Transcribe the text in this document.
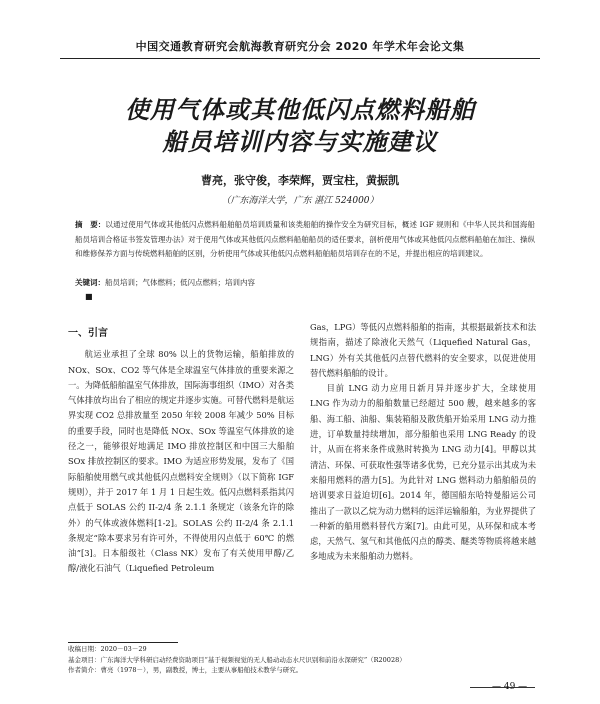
中国交通教育研究会航海教育研究分会 2020 年学术年会论文集
使用气体或其他低闪点燃料船舶
船员培训内容与实施建议
曹亮，张守俊，李荣辉，贾宝柱，黄振凯
（广东海洋大学，广东 湛江 524000）
摘　要：以通过使用气体或其他低闪点燃料船舶船员培训质量和该类船舶的操作安全为研究目标，概述 IGF 规则和《中华人民共和国海船船员培训合格证书签发管理办法》对于使用气体或其他低闪点燃料船舶船员的适任要求，剖析使用气体或其他低闪点燃料船舶在加注、操纵和维修保养方面与传统燃料船舶的区别，分析使用气体或其他低闪点燃料船舶船员培训存在的不足，并提出相应的培训建议。
关键词：船员培训；气体燃料；低闪点燃料；培训内容
■
一、引言

航运业承担了全球 80% 以上的货物运输，船舶排放的 NOx、SOx、CO2 等气体是全球温室气体排放的重要来源之一。为降低船舶温室气体排放，国际海事组织（IMO）对各类气体排放均出台了相应的规定并逐步实施。可替代燃料是航运界实现 CO2 总排放量至 2050 年较 2008 年减少 50% 目标的重要手段，同时也是降低 NOx、SOx 等温室气体排放的途径之一，能够很好地满足 IMO 排放控制区和中国三大船舶 SOx 排放控制区的要求。IMO 为适应形势发展，发布了《国际船舶使用燃气或其他低闪点燃料安全规则》（以下简称 IGF 规则），并于 2017 年 1 月 1 日起生效。低闪点燃料系指其闪点低于 SOLAS 公约 II-2/4 条 2.1.1 条规定（该条允许的除外）的气体或液体燃料[1-2]。SOLAS 公约 II-2/4 条 2.1.1 条规定“除本要求另有许可外，不得使用闪点低于 60℃ 的燃油”[3]。日本船级社（Class NK）发布了有关使用甲醇/乙醇/液化石油气（Liquefied Petroleum

Gas，LPG）等低闪点燃料船舶的指南，其根据最新技术和法规指南，描述了除液化天然气（Liquefied Natural Gas，LNG）外有关其他低闪点替代燃料的安全要求，以促进使用替代燃料船舶的设计。

目前 LNG 动力应用日新月异并逐步扩大，全球使用 LNG 作为动力的船舶数量已经超过 500 艘，越来越多的客船、海工船、油船、集装箱船及散货船开始采用 LNG 动力推进，订单数量持续增加，部分船舶也采用 LNG Ready 的设计，从而在将来条件成熟时转换为 LNG 动力[4]。甲醇以其清洁、环保、可获取性强等诸多优势，已充分显示出其成为未来船用燃料的潜力[5]。为此针对 LNG 燃料动力船舶船员的培训要求日益迫切[6]。2014 年，德国船东哈特曼船运公司推出了一款以乙烷为动力燃料的远洋运输船舶，为业界提供了一种新的船用燃料替代方案[7]。由此可见，从环保和成本考虑，天然气、氢气和其他低闪点的醇类、醚类等物质将越来越多地成为未来船舶动力燃料。

收稿日期：2020－03－29
基金项目：广东海洋大学科研启动经费资助项目“基于视频视觉的无人船动动态水尺识别和前沿水深研究”（R20028）
作者简介：曹亮（1978－），男，副教授，博士，主要从事船舶技术教学与研究。
— 49 —
